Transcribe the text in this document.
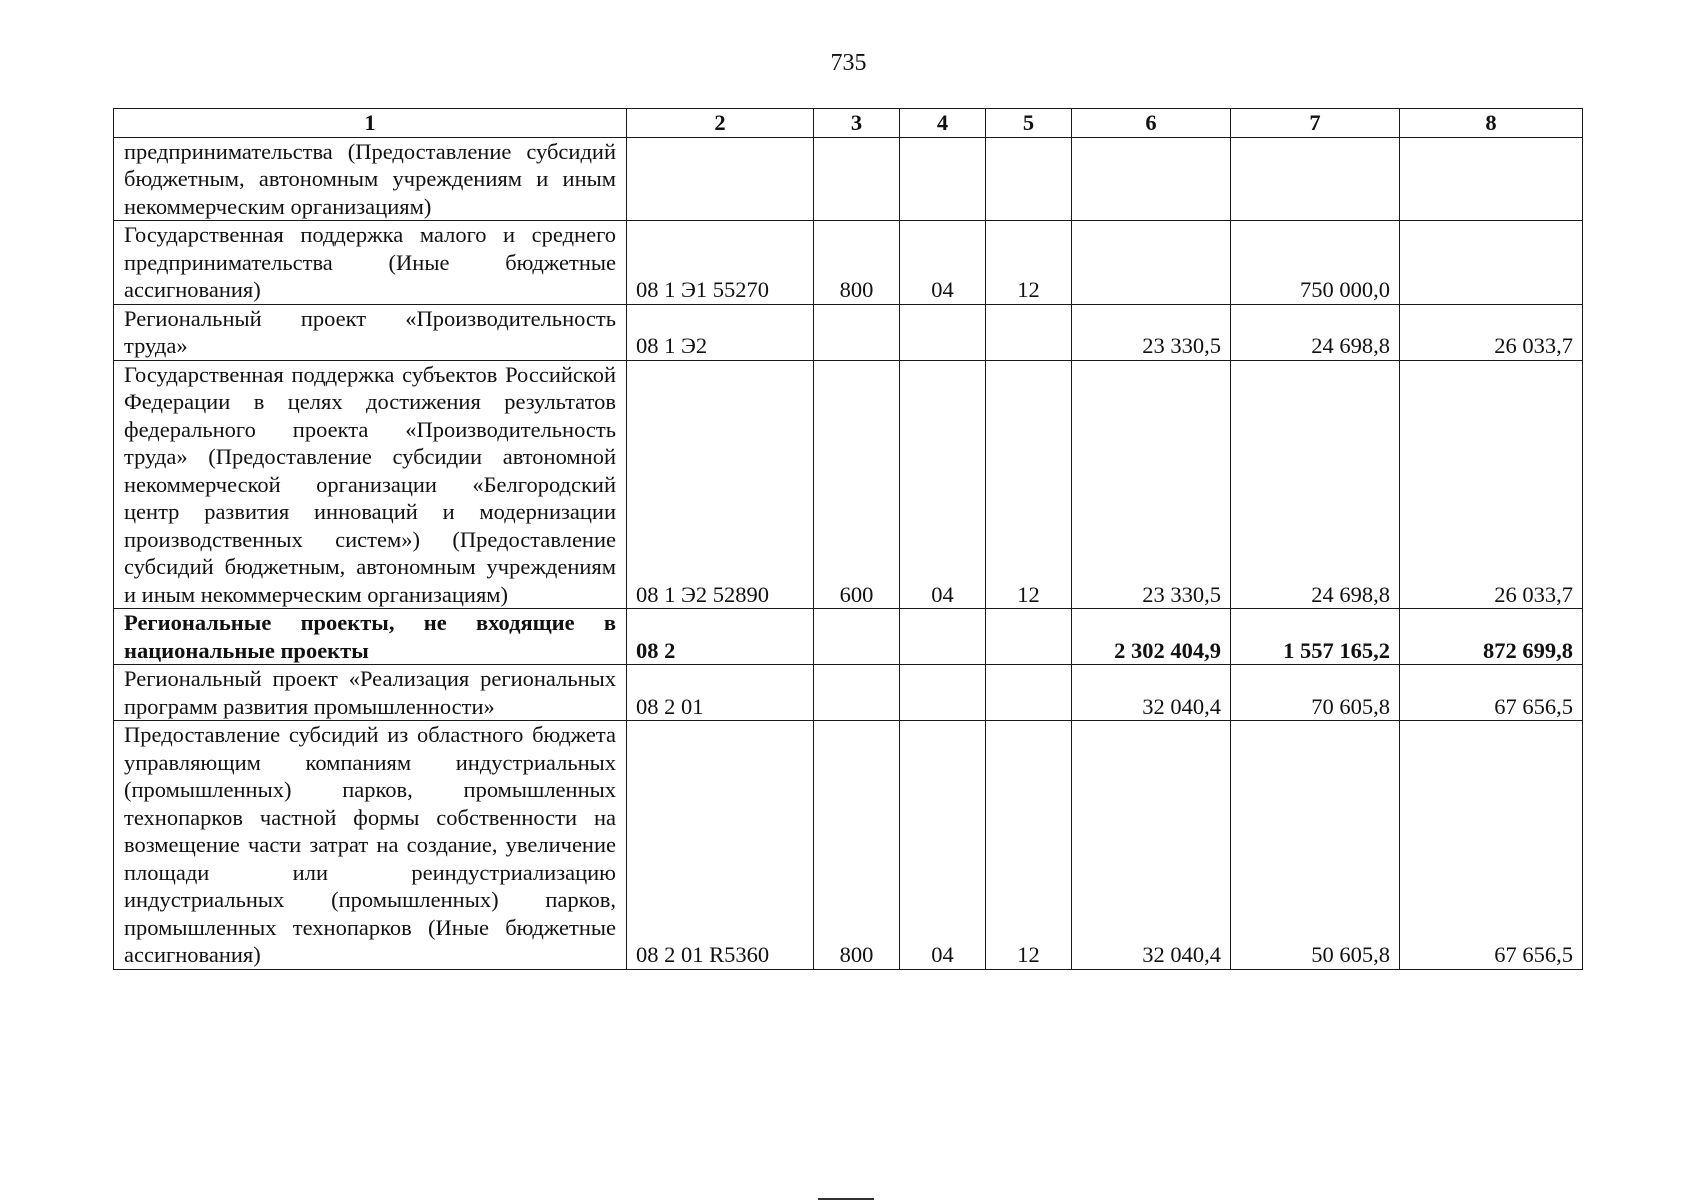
735
1	2	3	4	5	6	7	8
предпринимательства (Предоставление субсидий бюджетным, автономным учреждениям и иным некоммерческим организациям)							
Государственная поддержка малого и среднего предпринимательства (Иные бюджетные ассигнования)	08 1 Э1 55270	800	04	12		750 000,0	
Региональный проект «Производительность труда»	08 1 Э2				23 330,5	24 698,8	26 033,7
Государственная поддержка субъектов Российской Федерации в целях достижения результатов федерального проекта «Производительность труда» (Предоставление субсидии автономной некоммерческой организации «Белгородский центр развития инноваций и модернизации производственных систем») (Предоставление субсидий бюджетным, автономным учреждениям и иным некоммерческим организациям)	08 1 Э2 52890	600	04	12	23 330,5	24 698,8	26 033,7
Региональные проекты, не входящие в национальные проекты	08 2				2 302 404,9	1 557 165,2	872 699,8
Региональный проект «Реализация региональных программ развития промышленности»	08 2 01				32 040,4	70 605,8	67 656,5
Предоставление субсидий из областного бюджета управляющим компаниям индустриальных (промышленных) парков, промышленных технопарков частной формы собственности на возмещение части затрат на создание, увеличение площади или реиндустриализацию индустриальных (промышленных) парков, промышленных технопарков (Иные бюджетные ассигнования)	08 2 01 R5360	800	04	12	32 040,4	50 605,8	67 656,5
